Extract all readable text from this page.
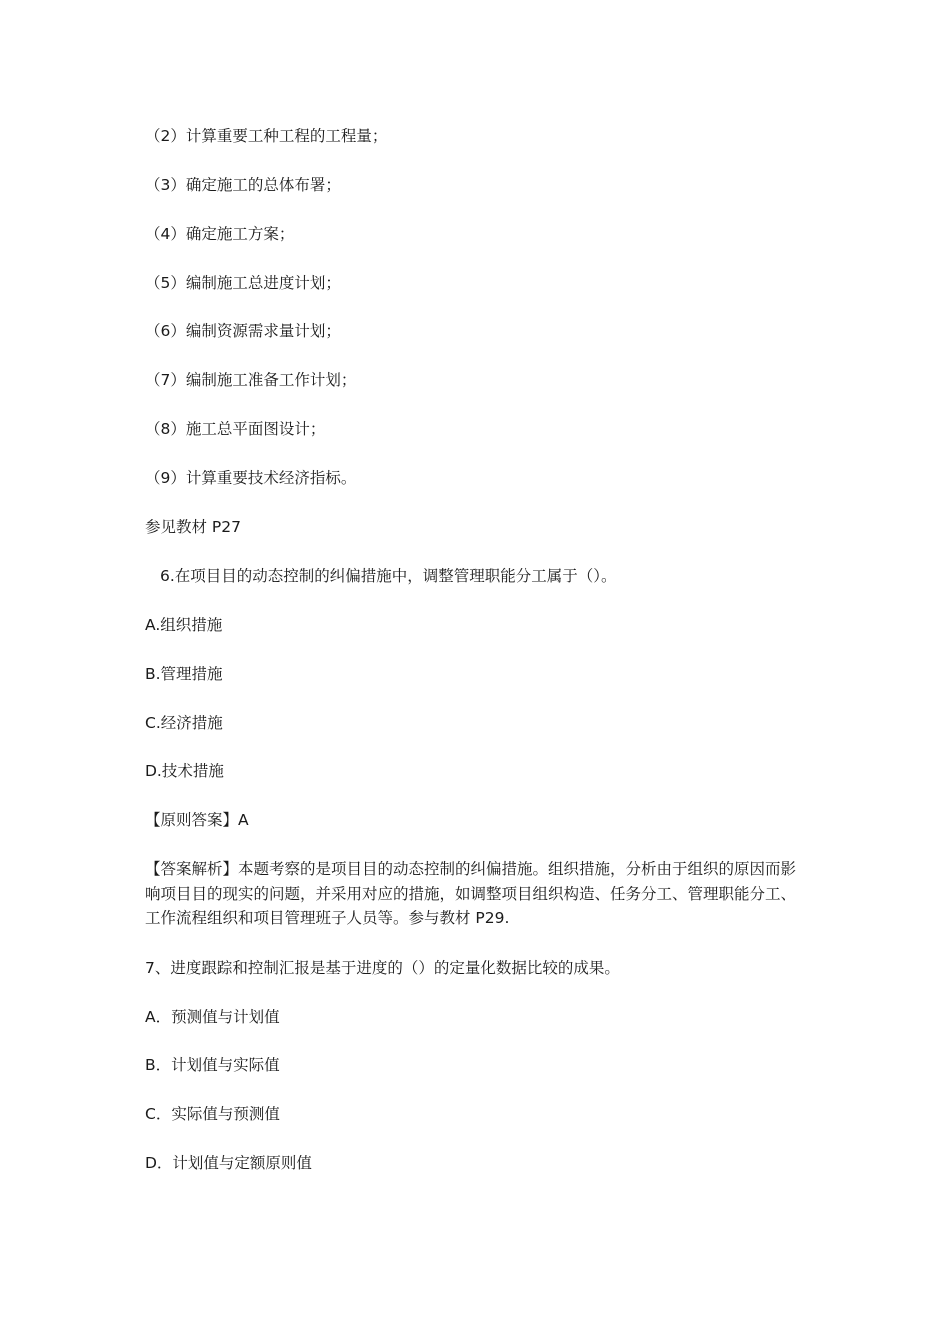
（2）计算重要工种工程的工程量；
（3）确定施工的总体布署；
（4）确定施工方案；
（5）编制施工总进度计划；
（6）编制资源需求量计划；
（7）编制施工准备工作计划；
（8）施工总平面图设计；
（9）计算重要技术经济指标。
参见教材 P27
6.在项目目的动态控制的纠偏措施中，调整管理职能分工属于（）。
A.组织措施
B.管理措施
C.经济措施
D.技术措施
【原则答案】A
【答案解析】本题考察的是项目目的动态控制的纠偏措施。组织措施，分析由于组织的原因而影响项目目的现实的问题，并采用对应的措施，如调整项目组织构造、任务分工、管理职能分工、工作流程组织和项目管理班子人员等。参与教材 P29.
7、进度跟踪和控制汇报是基于进度的（）的定量化数据比较的成果。
A．预测值与计划值
B．计划值与实际值
C．实际值与预测值
D．计划值与定额原则值
